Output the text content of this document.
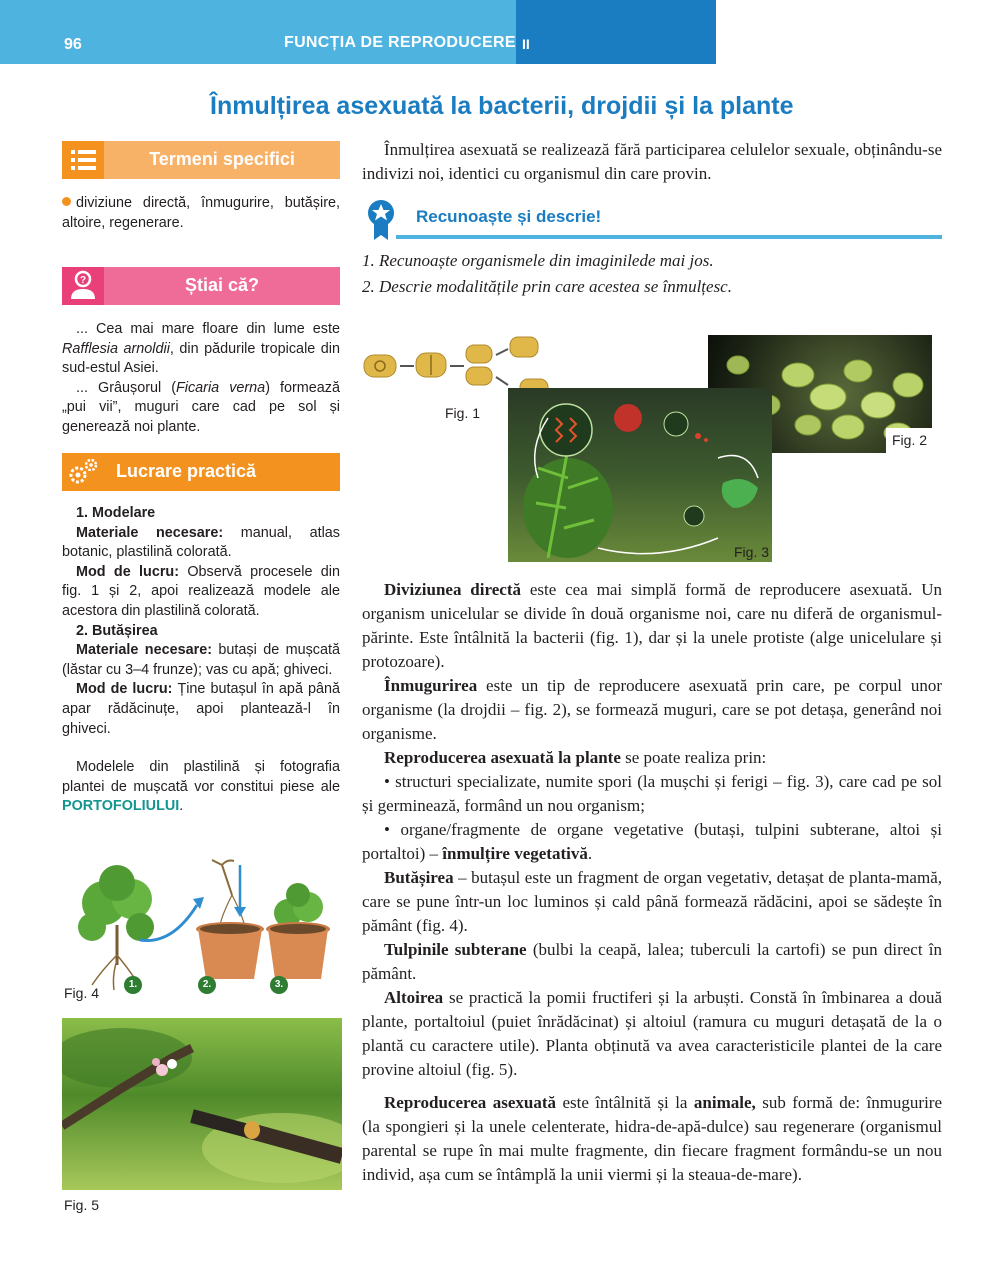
96	FUNCȚIA DE REPRODUCERE II
Înmulțirea asexuată la bacterii, drojdii și la plante
Termeni specifici

diviziune directă, înmugurire, butășire, altoire, regenerare.

?	Știai că?

... Cea mai mare floare din lume este Rafflesia arnoldii, din pădurile tropicale din sud-estul Asiei.

... Grâușorul (Ficaria verna) formează „pui vii”, muguri care cad pe sol și generează noi plante.

Lucrare practică

1. Modelare

Materiale necesare: manual, atlas botanic, plastilină colorată.

Mod de lucru: Observă procesele din fig. 1 și 2, apoi realizează modele ale acestora din plastilină colorată.

2. Butășirea

Materiale necesare: butași de mușcată (lăstar cu 3–4 frunze); vas cu apă; ghiveci.

Mod de lucru: Ține butașul în apă până apar rădăcinuțe, apoi plantează-l în ghiveci.

Modelele din plastilină și fotografia plantei de mușcată vor constitui piese ale PORTOFOLIULUI.

Fig. 4
1.	2.	3.
Fig. 5

Înmulțirea asexuată se realizează fără participarea celulelor sexuale, obținându-se indivizi noi, identici cu organismul din care provin.

Recunoaște și descrie!

1. Recunoaște organismele din imaginilede mai jos.

2. Descrie modalitățile prin care acestea se înmulțesc.

Fig. 1
Fig. 2
Fig. 3

Diviziunea directă este cea mai simplă formă de reproducere asexuată. Un organism unicelular se divide în două organisme noi, care nu diferă de organismul-părinte. Este întâlnită la bacterii (fig. 1), dar și la unele protiste (alge unicelulare și protozoare).

Înmugurirea este un tip de reproducere asexuată prin care, pe corpul unor organisme (la drojdii – fig. 2), se formează muguri, care se pot detașa, generând noi organisme.

Reproducerea asexuată la plante se poate realiza prin:

• structuri specializate, numite spori (la mușchi și ferigi – fig. 3), care cad pe sol și germinează, formând un nou organism;

• organe/fragmente de organe vegetative (butași, tulpini subterane, altoi și portaltoi) – înmulțire vegetativă.

Butășirea – butașul este un fragment de organ vegetativ, detașat de planta-mamă, care se pune într-un loc luminos și cald până formează rădăcini, apoi se sădește în pământ (fig. 4).

Tulpinile subterane (bulbi la ceapă, lalea; tuberculi la cartofi) se pun direct în pământ.

Altoirea se practică la pomii fructiferi și la arbuști. Constă în îmbinarea a două plante, portaltoiul (puiet înrădăcinat) și altoiul (ramura cu muguri detașată de la o plantă cu caractere utile). Planta obținută va avea caracteristicile plantei de la care provine altoiul (fig. 5).

Reproducerea asexuată este întâlnită și la animale, sub formă de: înmugurire (la spongieri și la unele celenterate, hidra-de-apă-dulce) sau regenerare (organismul parental se rupe în mai multe fragmente, din fiecare fragment formându-se un nou individ, așa cum se întâmplă la unii viermi și la steaua-de-mare).
